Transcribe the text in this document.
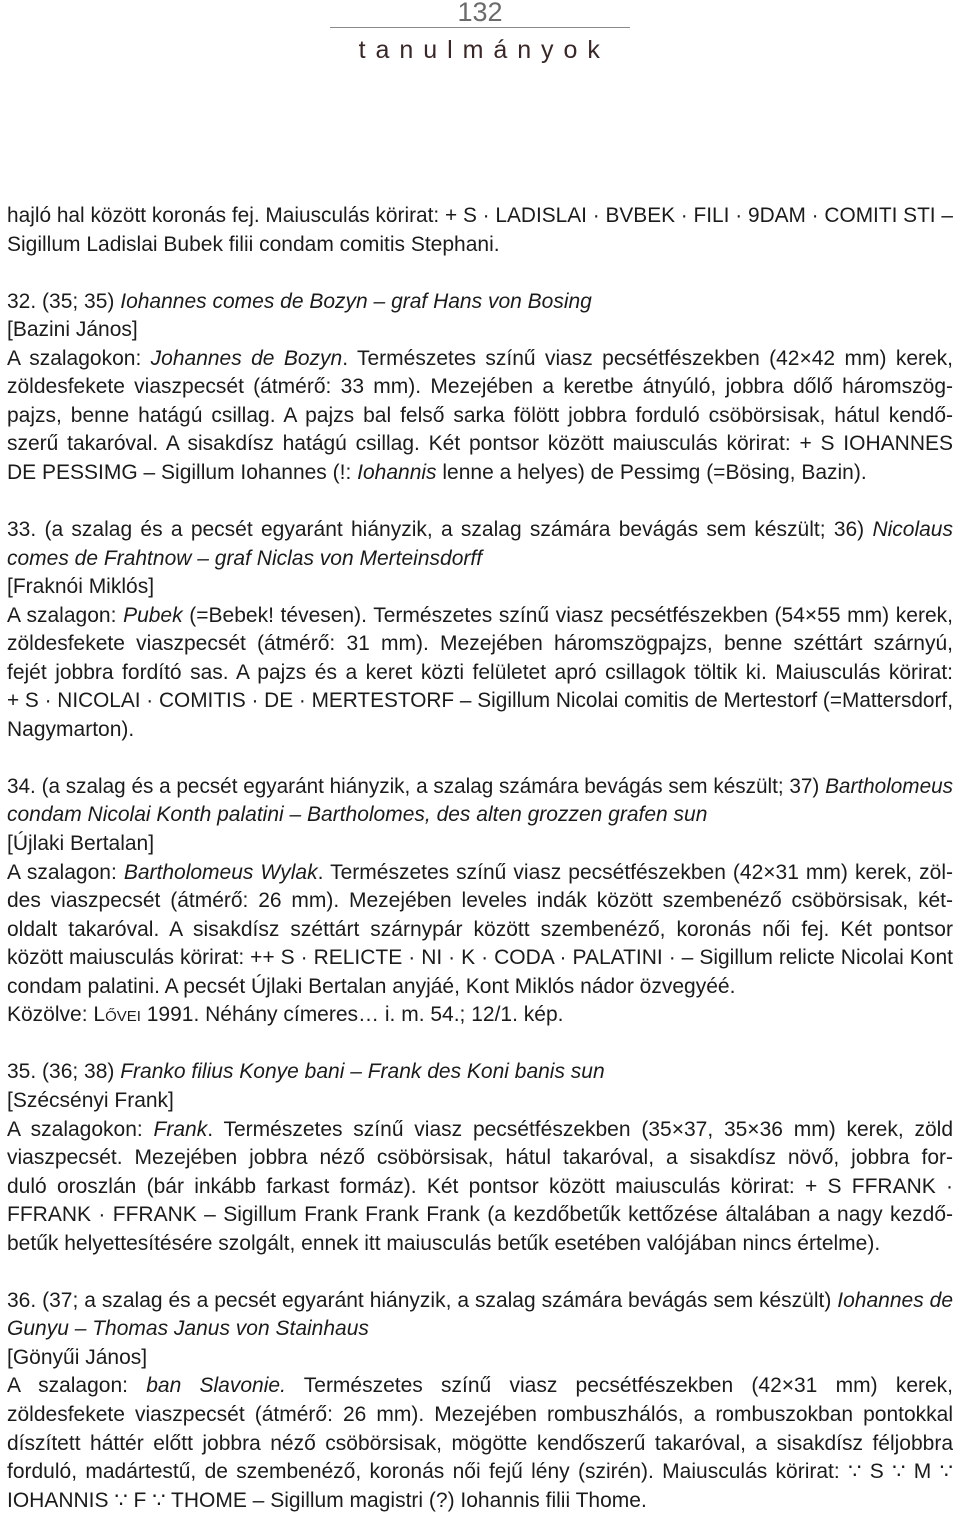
132
t a n u l m á n y o k
hajló hal között koronás fej. Maiusculás körirat: + S · LADISLAI · BVBEK · FILI · 9DAM · COMITI STI –
Sigillum Ladislai Bubek filii condam comitis Stephani.
32. (35; 35) Iohannes comes de Bozyn – graf Hans von Bosing
[Bazini János]
A szalagokon: Johannes de Bozyn. Természetes színű viasz pecsétfészekben (42×42 mm) kerek,
zöldesfekete viaszpecsét (átmérő: 33 mm). Mezejében a keretbe átnyúló, jobbra dőlő háromszög-
pajzs, benne hatágú csillag. A pajzs bal felső sarka fölött jobbra forduló csöbörsisak, hátul kendő-
szerű takaróval. A sisakdísz hatágú csillag. Két pontsor között maiusculás körirat: + S IOHANNES
DE PESSIMG – Sigillum Iohannes (!: Iohannis lenne a helyes) de Pessimg (=Bösing, Bazin).
33. (a szalag és a pecsét egyaránt hiányzik, a szalag számára bevágás sem készült; 36) Nicolaus
comes de Frahtnow – graf Niclas von Merteinsdorff
[Fraknói Miklós]
A szalagon: Pubek (=Bebek! tévesen). Természetes színű viasz pecsétfészekben (54×55 mm) kerek,
zöldesfekete viaszpecsét (átmérő: 31 mm). Mezejében háromszögpajzs, benne széttárt szárnyú,
fejét jobbra fordító sas. A pajzs és a keret közti felületet apró csillagok töltik ki. Maiusculás körirat:
+ S · NICOLAI · COMITIS · DE · MERTESTORF – Sigillum Nicolai comitis de Mertestorf (=Mattersdorf,
Nagymarton).
34. (a szalag és a pecsét egyaránt hiányzik, a szalag számára bevágás sem készült; 37) Bartholomeus
condam Nicolai Konth palatini – Bartholomes, des alten grozzen grafen sun
[Újlaki Bertalan]
A szalagon: Bartholomeus Wylak. Természetes színű viasz pecsétfészekben (42×31 mm) kerek, zöl-
des viaszpecsét (átmérő: 26 mm). Mezejében leveles indák között szembenéző csöbörsisak, két-
oldalt takaróval. A sisakdísz széttárt szárnypár között szembenéző, koronás női fej. Két pontsor
között maiusculás körirat: ++ S · RELICTE · NI · K · CODA · PALATINI · – Sigillum relicte Nicolai Kont
condam palatini. A pecsét Újlaki Bertalan anyjáé, Kont Miklós nádor özvegyéé.
Közölve: Lővei 1991. Néhány címeres… i. m. 54.; 12/1. kép.
35. (36; 38) Franko filius Konye bani – Frank des Koni banis sun
[Szécsényi Frank]
A szalagokon: Frank. Természetes színű viasz pecsétfészekben (35×37, 35×36 mm) kerek, zöld
viaszpecsét. Mezejében jobbra néző csöbörsisak, hátul takaróval, a sisakdísz növő, jobbra for-
duló oroszlán (bár inkább farkast formáz). Két pontsor között maiusculás körirat: + S FFRANK ·
FFRANK · FFRANK – Sigillum Frank Frank Frank (a kezdőbetűk kettőzése általában a nagy kezdő-
betűk helyettesítésére szolgált, ennek itt maiusculás betűk esetében valójában nincs értelme).
36. (37; a szalag és a pecsét egyaránt hiányzik, a szalag számára bevágás sem készült) Iohannes de
Gunyu – Thomas Janus von Stainhaus
[Gönyűi János]
A szalagon: ban Slavonie. Természetes színű viasz pecsétfészekben (42×31 mm) kerek,
zöldesfekete viaszpecsét (átmérő: 26 mm). Mezejében rombuszhálós, a rombuszokban pontokkal
díszített háttér előtt jobbra néző csöbörsisak, mögötte kendőszerű takaróval, a sisakdísz féljobbra
forduló, madártestű, de szembenéző, koronás női fejű lény (szirén). Maiusculás körirat: ∵ S ∵ M ∵
IOHANNIS ∵ F ∵ THOME – Sigillum magistri (?) Iohannis filii Thome.
